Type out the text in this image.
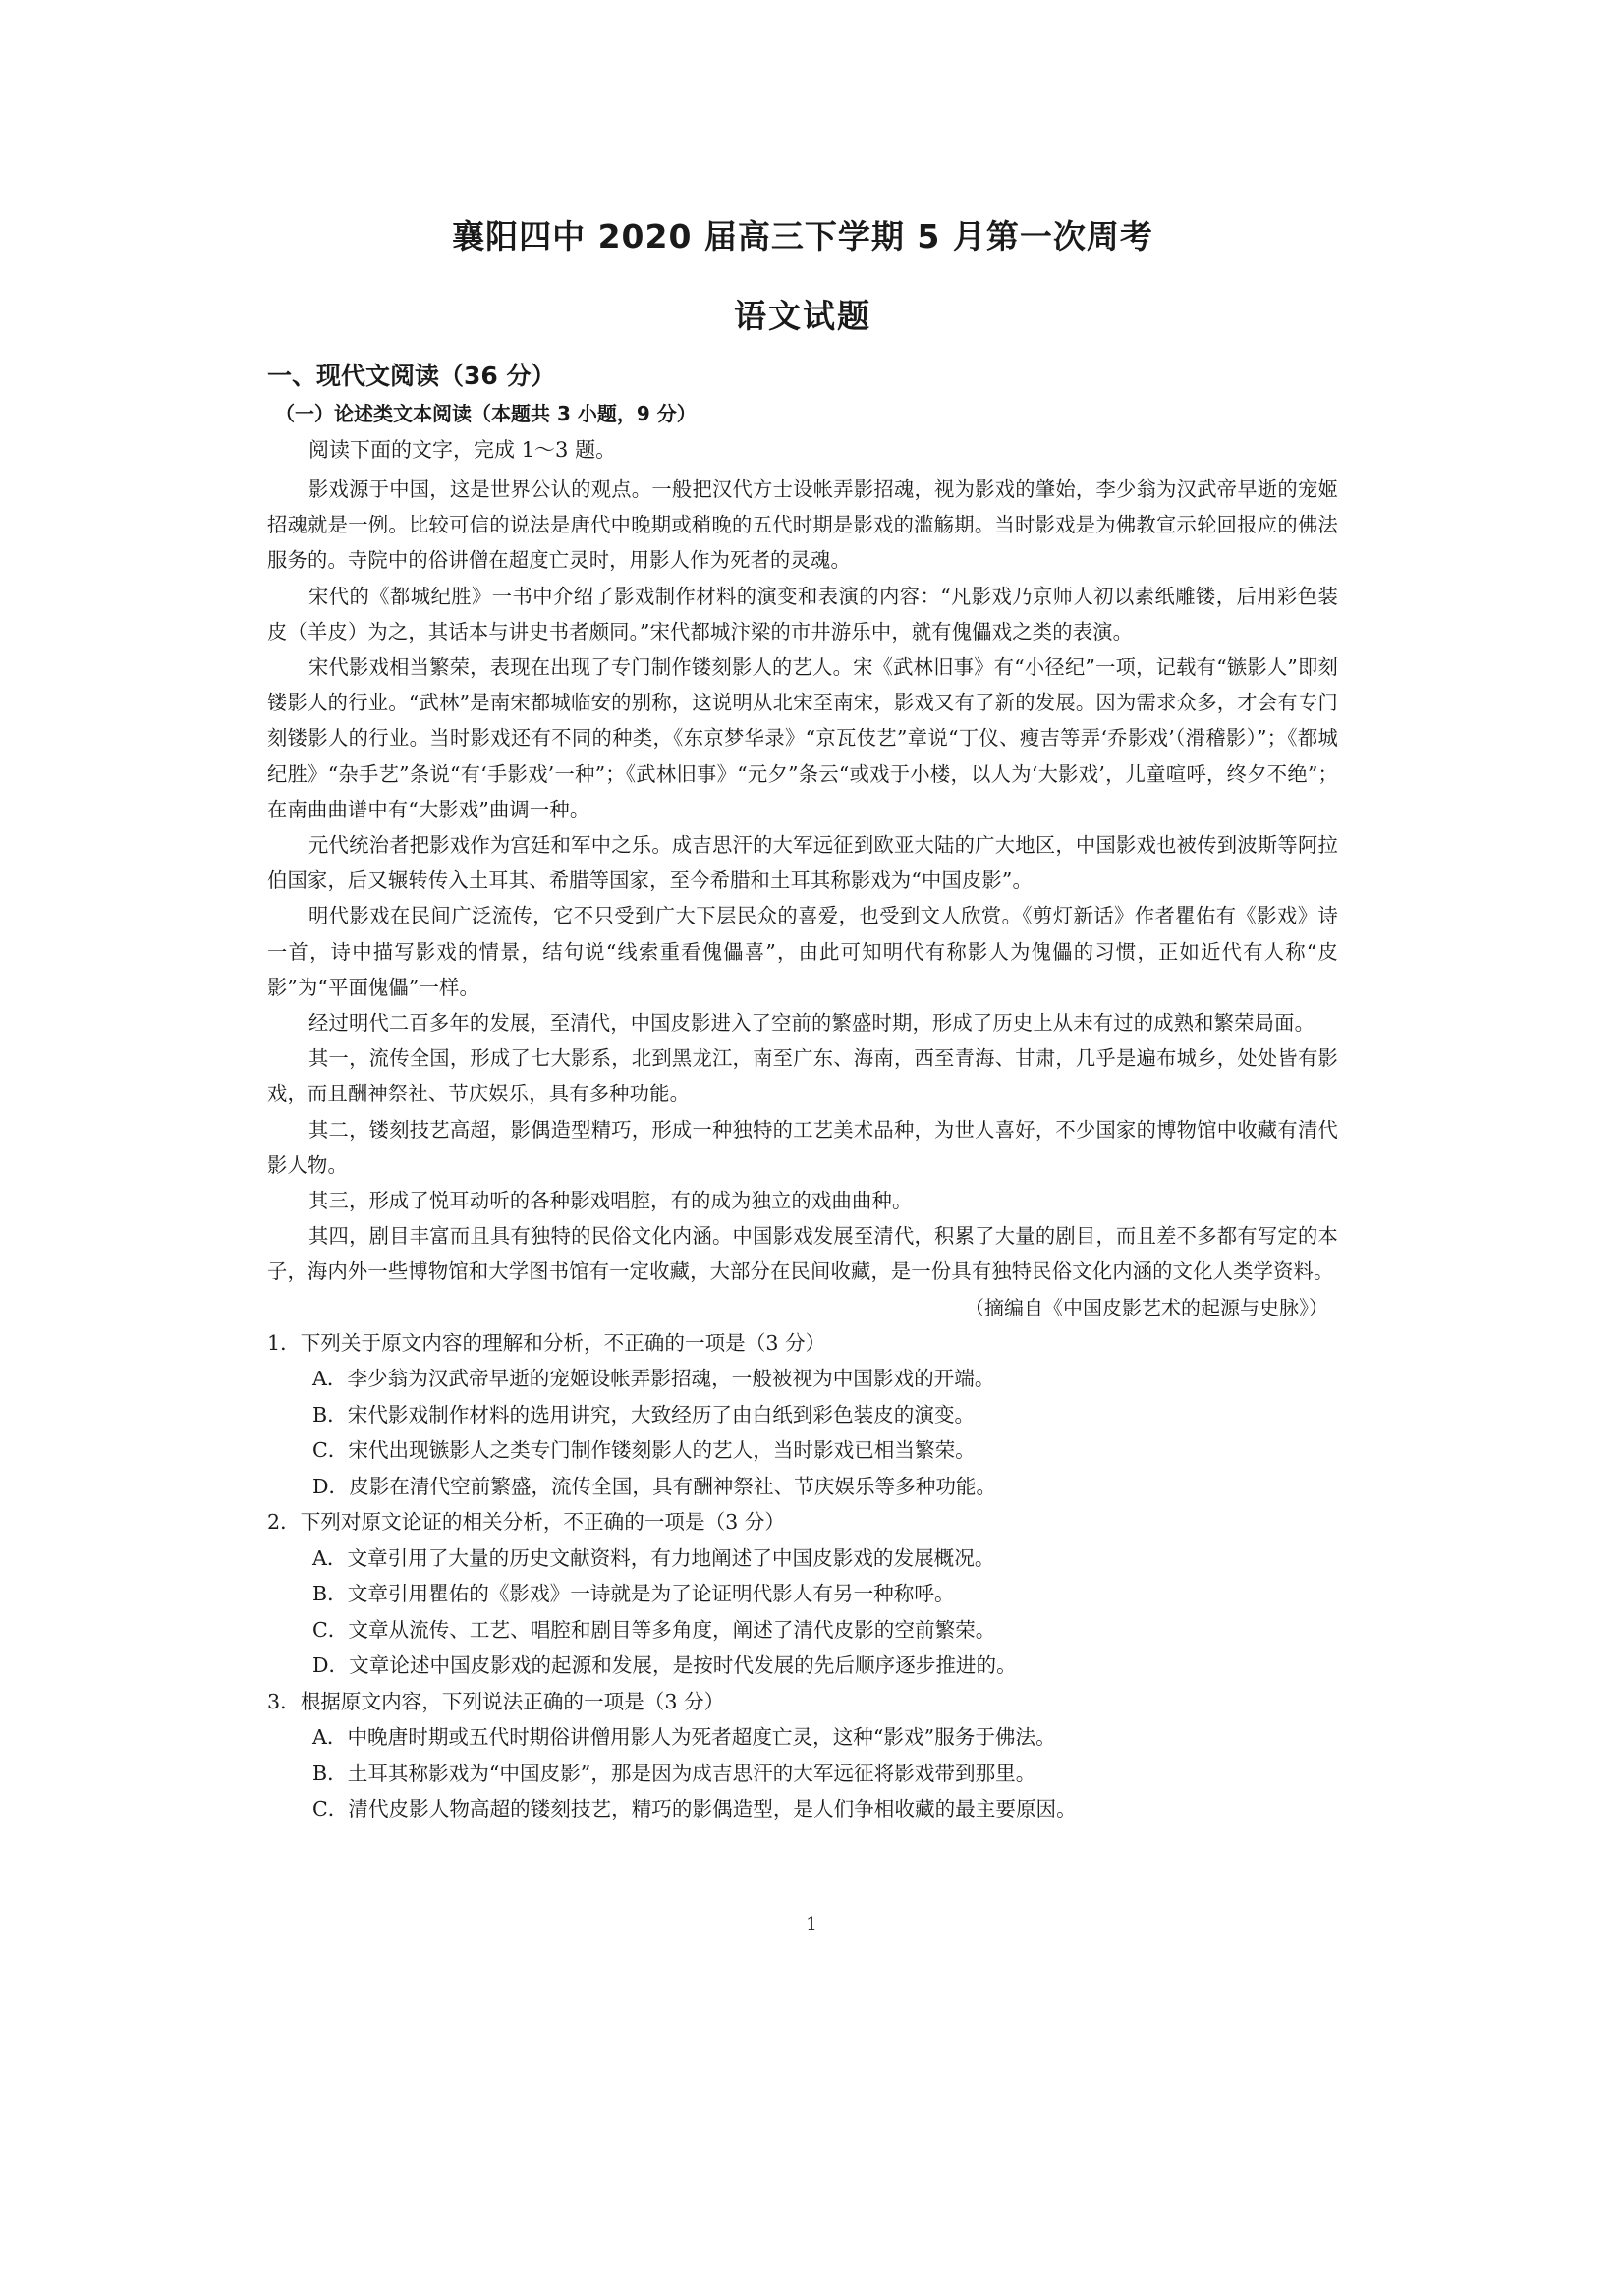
襄阳四中 2020 届高三下学期 5 月第一次周考
语文试题
一、现代文阅读（36 分）
（一）论述类文本阅读（本题共 3 小题，9 分）
阅读下面的文字，完成 1～3 题。

影戏源于中国，这是世界公认的观点。一般把汉代方士设帐弄影招魂，视为影戏的肇始，李少翁为汉武帝早逝的宠姬招魂就是一例。比较可信的说法是唐代中晚期或稍晚的五代时期是影戏的滥觞期。当时影戏是为佛教宣示轮回报应的佛法服务的。寺院中的俗讲僧在超度亡灵时，用影人作为死者的灵魂。

宋代的《都城纪胜》一书中介绍了影戏制作材料的演变和表演的内容：“凡影戏乃京师人初以素纸雕镂，后用彩色装皮（羊皮）为之，其话本与讲史书者颇同。”宋代都城汴梁的市井游乐中，就有傀儡戏之类的表演。

宋代影戏相当繁荣，表现在出现了专门制作镂刻影人的艺人。宋《武林旧事》有“小径纪”一项，记载有“镞影人”即刻镂影人的行业。“武林”是南宋都城临安的别称，这说明从北宋至南宋，影戏又有了新的发展。因为需求众多，才会有专门刻镂影人的行业。当时影戏还有不同的种类，《东京梦华录》“京瓦伎艺”章说“丁仪、瘦吉等弄‘乔影戏’（滑稽影）”；《都城纪胜》“杂手艺”条说“有‘手影戏’一种”；《武林旧事》“元夕”条云“或戏于小楼，以人为‘大影戏’，儿童喧呼，终夕不绝”；在南曲曲谱中有“大影戏”曲调一种。

元代统治者把影戏作为宫廷和军中之乐。成吉思汗的大军远征到欧亚大陆的广大地区，中国影戏也被传到波斯等阿拉伯国家，后又辗转传入土耳其、希腊等国家，至今希腊和土耳其称影戏为“中国皮影”。

明代影戏在民间广泛流传，它不只受到广大下层民众的喜爱，也受到文人欣赏。《剪灯新话》作者瞿佑有《影戏》诗一首，诗中描写影戏的情景，结句说“线索重看傀儡喜”，由此可知明代有称影人为傀儡的习惯，正如近代有人称“皮影”为“平面傀儡”一样。

经过明代二百多年的发展，至清代，中国皮影进入了空前的繁盛时期，形成了历史上从未有过的成熟和繁荣局面。

其一，流传全国，形成了七大影系，北到黑龙江，南至广东、海南，西至青海、甘肃，几乎是遍布城乡，处处皆有影戏，而且酬神祭社、节庆娱乐，具有多种功能。

其二，镂刻技艺高超，影偶造型精巧，形成一种独特的工艺美术品种，为世人喜好，不少国家的博物馆中收藏有清代影人物。

其三，形成了悦耳动听的各种影戏唱腔，有的成为独立的戏曲曲种。

其四，剧目丰富而且具有独特的民俗文化内涵。中国影戏发展至清代，积累了大量的剧目，而且差不多都有写定的本子，海内外一些博物馆和大学图书馆有一定收藏，大部分在民间收藏，是一份具有独特民俗文化内涵的文化人类学资料。

（摘编自《中国皮影艺术的起源与史脉》）

1．下列关于原文内容的理解和分析，不正确的一项是（3 分）

A．李少翁为汉武帝早逝的宠姬设帐弄影招魂，一般被视为中国影戏的开端。

B．宋代影戏制作材料的选用讲究，大致经历了由白纸到彩色装皮的演变。

C．宋代出现镞影人之类专门制作镂刻影人的艺人，当时影戏已相当繁荣。

D．皮影在清代空前繁盛，流传全国，具有酬神祭社、节庆娱乐等多种功能。

2．下列对原文论证的相关分析，不正确的一项是（3 分）

A．文章引用了大量的历史文献资料，有力地阐述了中国皮影戏的发展概况。

B．文章引用瞿佑的《影戏》一诗就是为了论证明代影人有另一种称呼。

C．文章从流传、工艺、唱腔和剧目等多角度，阐述了清代皮影的空前繁荣。

D．文章论述中国皮影戏的起源和发展，是按时代发展的先后顺序逐步推进的。

3．根据原文内容，下列说法正确的一项是（3 分）

A．中晚唐时期或五代时期俗讲僧用影人为死者超度亡灵，这种“影戏”服务于佛法。

B．土耳其称影戏为“中国皮影”，那是因为成吉思汗的大军远征将影戏带到那里。

C．清代皮影人物高超的镂刻技艺，精巧的影偶造型，是人们争相收藏的最主要原因。

1
